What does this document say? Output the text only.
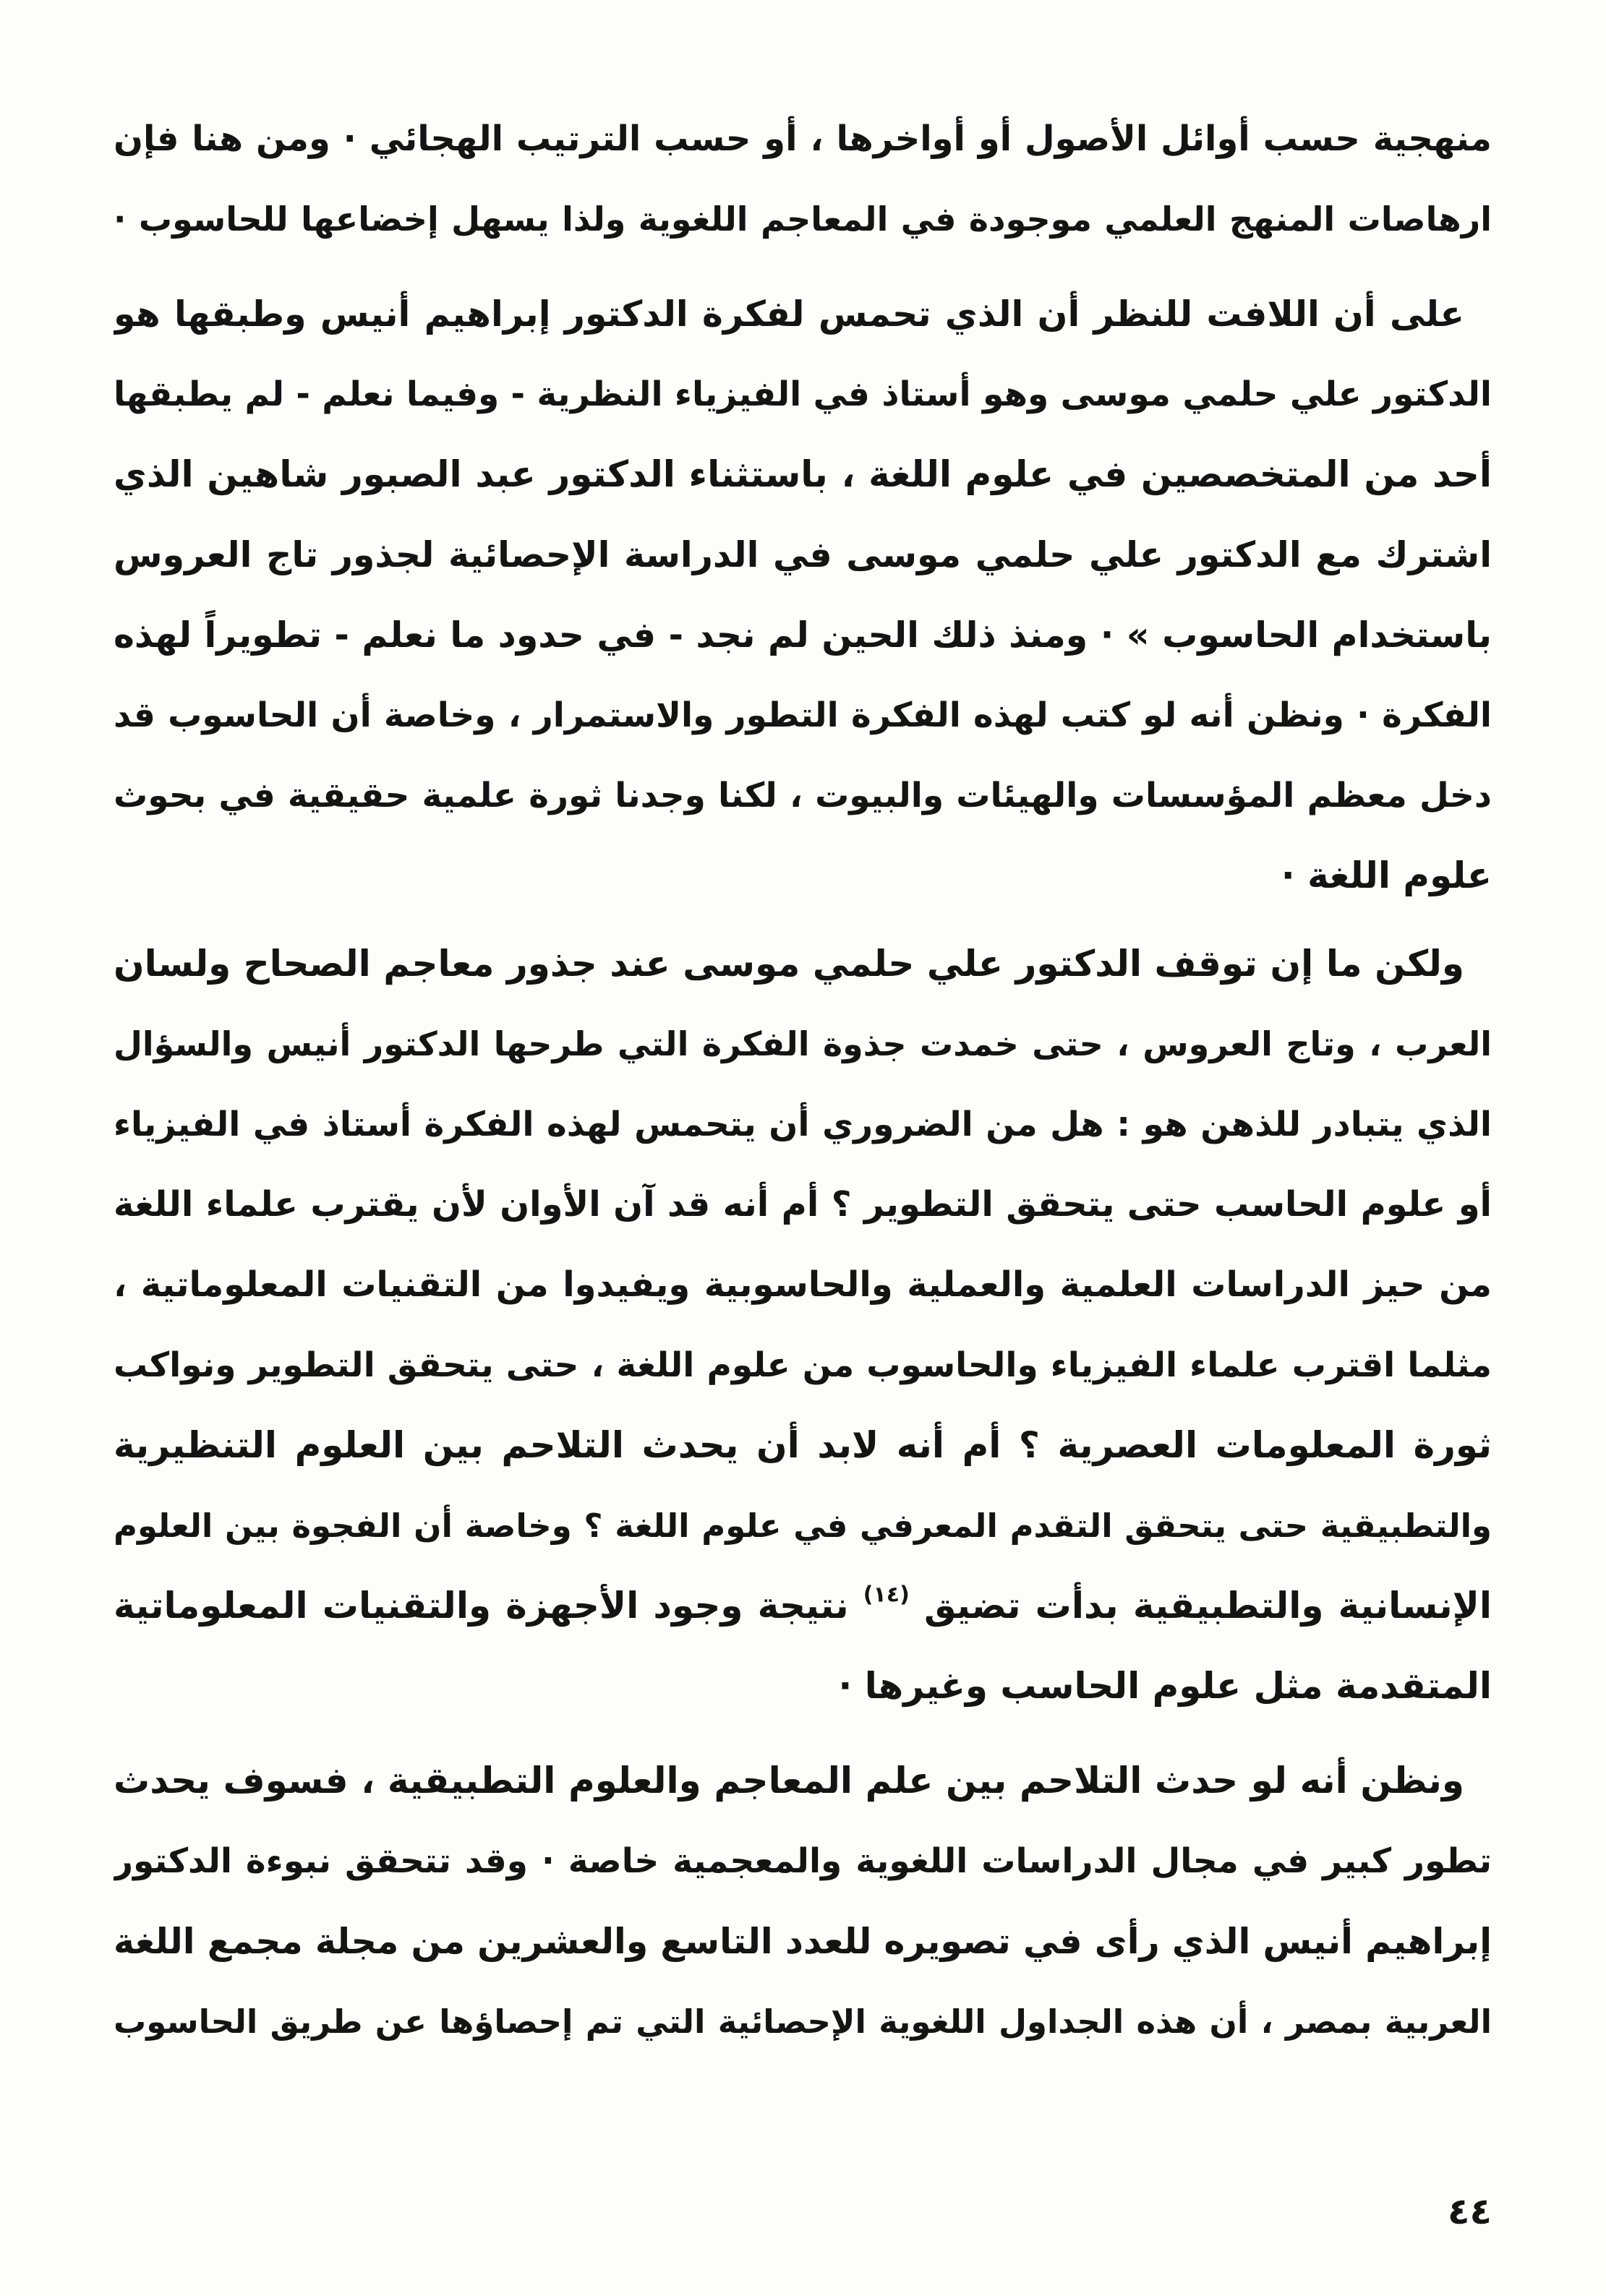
منهجية حسب أوائل الأصول أو أواخرها ، أو حسب الترتيب الهجائي · ومن هنا فإن
ارهاصات المنهج العلمي موجودة في المعاجم اللغوية ولذا يسهل إخضاعها للحاسوب ·
على أن اللافت للنظر أن الذي تحمس لفكرة الدكتور إبراهيم أنيس وطبقها هو
الدكتور علي حلمي موسى وهو أستاذ في الفيزياء النظرية - وفيما نعلم - لم يطبقها
أحد من المتخصصين في علوم اللغة ، باستثناء الدكتور عبد الصبور شاهين الذي
اشترك مع الدكتور علي حلمي موسى في الدراسة الإحصائية لجذور تاج العروس
باستخدام الحاسوب » · ومنذ ذلك الحين لم نجد - في حدود ما نعلم - تطويراً لهذه
الفكرة · ونظن أنه لو كتب لهذه الفكرة التطور والاستمرار ، وخاصة أن الحاسوب قد
دخل معظم المؤسسات والهيئات والبيوت ، لكنا وجدنا ثورة علمية حقيقية في بحوث
علوم اللغة ·
ولكن ما إن توقف الدكتور علي حلمي موسى عند جذور معاجم الصحاح ولسان
العرب ، وتاج العروس ، حتى خمدت جذوة الفكرة التي طرحها الدكتور أنيس والسؤال
الذي يتبادر للذهن هو : هل من الضروري أن يتحمس لهذه الفكرة أستاذ في الفيزياء
أو علوم الحاسب حتى يتحقق التطوير ؟ أم أنه قد آن الأوان لأن يقترب علماء اللغة
من حيز الدراسات العلمية والعملية والحاسوبية ويفيدوا من التقنيات المعلوماتية ،
مثلما اقترب علماء الفيزياء والحاسوب من علوم اللغة ، حتى يتحقق التطوير ونواكب
ثورة المعلومات العصرية ؟ أم أنه لابد أن يحدث التلاحم بين العلوم التنظيرية
والتطبيقية حتى يتحقق التقدم المعرفي في علوم اللغة ؟ وخاصة أن الفجوة بين العلوم
الإنسانية والتطبيقية بدأت تضيق $^{(١٤)}$ نتيجة وجود الأجهزة والتقنيات المعلوماتية
المتقدمة مثل علوم الحاسب وغيرها ·
ونظن أنه لو حدث التلاحم بين علم المعاجم والعلوم التطبيقية ، فسوف يحدث
تطور كبير في مجال الدراسات اللغوية والمعجمية خاصة · وقد تتحقق نبوءة الدكتور
إبراهيم أنيس الذي رأى في تصويره للعدد التاسع والعشرين من مجلة مجمع اللغة
العربية بمصر ، أن هذه الجداول اللغوية الإحصائية التي تم إحصاؤها عن طريق الحاسوب
٤٤
